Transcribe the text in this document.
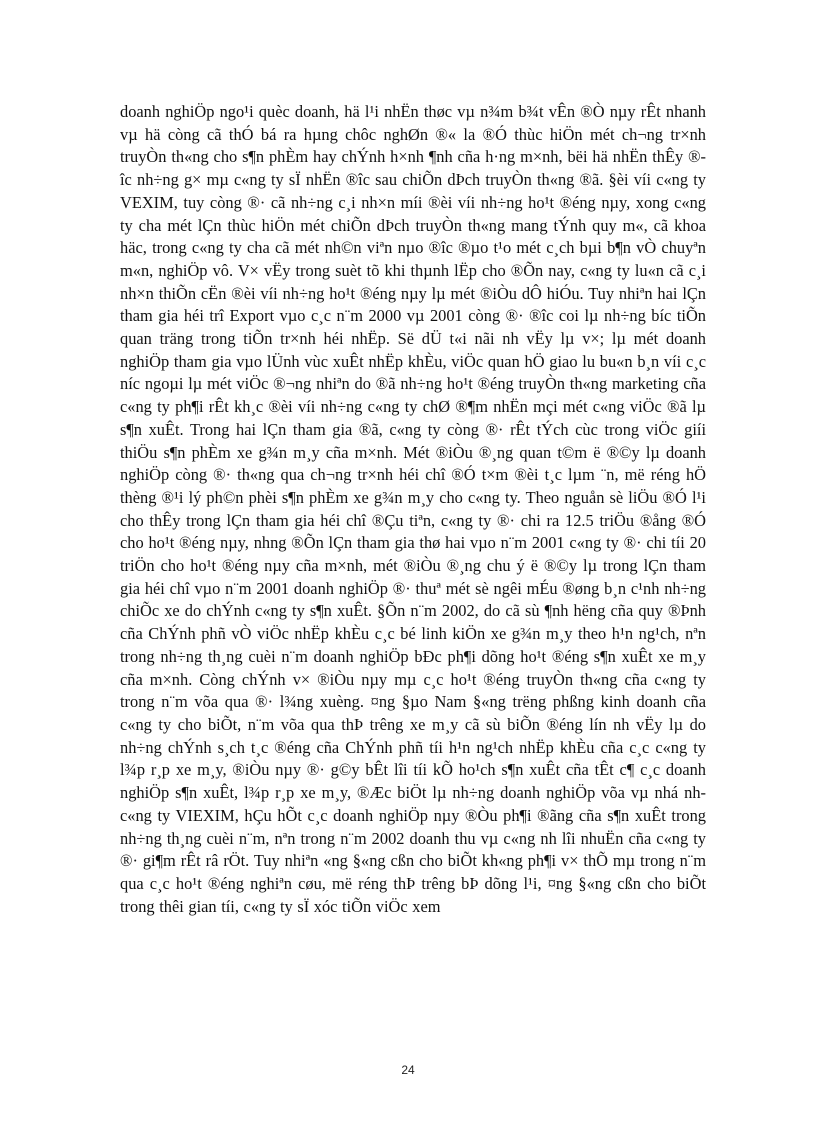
doanh nghiÖp ngo¹i quèc doanh, hä l¹i nhËn thøc vµ n¾m b¾t vÊn ®Ò nµy rÊt nhanh vµ hä còng cã thÓ bá ra hµng chôc nghØn ®« la ®Ó thùc hiÖn mét ch¬ng tr×nh truyÒn th«ng cho s¶n phÈm hay chÝnh h×nh ¶nh cña h·ng m×nh, bëi hä nhËn thÊy ®îc nh÷ng g× mµ c«ng ty sÏ nhËn ®îc sau chiÕn dÞch truyÒn th«ng ®ã. §èi víi c«ng ty VEXIM, tuy còng ®· cã nh÷ng c¸i nh×n míi ®èi víi nh÷ng ho¹t ®éng nµy, xong c«ng ty cha mét lÇn thùc hiÖn mét chiÕn dÞch truyÒn th«ng mang tÝnh quy m«, cã khoa häc, trong c«ng ty cha cã mét nh©n viªn nµo ®îc ®µo t¹o mét c¸ch bµi b¶n vÒ chuyªn m«n, nghiÖp vô. V× vËy trong suèt tõ khi thµnh lËp cho ®Õn nay, c«ng ty lu«n cã c¸i nh×n thiÕn cËn ®èi víi nh÷ng ho¹t ®éng nµy lµ mét ®iÒu dÔ hiÓu. Tuy nhiªn hai lÇn tham gia héi trî Export vµo c¸c n¨m 2000 vµ 2001 còng ®· ®îc coi lµ nh÷ng bíc tiÕn quan träng trong tiÕn tr×nh héi nhËp. Së dÜ t«i nãi nh vËy lµ v×; lµ mét doanh nghiÖp tham gia vµo lÜnh vùc xuÊt nhËp khÈu, viÖc quan hÖ giao lu bu«n b¸n víi c¸c níc ngoµi lµ mét viÖc ®¬ng nhiªn do ®ã nh÷ng ho¹t ®éng truyÒn th«ng marketing cña c«ng ty ph¶i rÊt kh¸c ®èi víi nh÷ng c«ng ty chØ ®¶m nhËn mçi mét c«ng viÖc ®ã lµ s¶n xuÊt. Trong hai lÇn tham gia ®ã, c«ng ty còng ®· rÊt tÝch cùc trong viÖc giíi thiÖu s¶n phÈm xe g¾n m¸y cña m×nh. Mét ®iÒu ®¸ng quan t©m ë ®©y lµ doanh nghiÖp còng ®· th«ng qua ch¬ng tr×nh héi chî ®Ó t×m ®èi t¸c lµm ¨n, më réng hÖ thèng ®¹i lý ph©n phèi s¶n phÈm xe g¾n m¸y cho c«ng ty. Theo nguån sè liÖu ®Ó l¹i cho thÊy trong lÇn tham gia héi chî ®Çu tiªn, c«ng ty ®· chi ra 12.5 triÖu ®ång ®Ó cho ho¹t ®éng nµy, nhng ®Õn lÇn tham gia thø hai vµo n¨m 2001 c«ng ty ®· chi tíi 20 triÖn cho ho¹t ®éng nµy cña m×nh, mét ®iÒu ®¸ng chu ý ë ®©y lµ trong lÇn tham gia héi chî vµo n¨m 2001 doanh nghiÖp ®· thuª mét sè ngêi mÉu ®øng b¸n c¹nh nh÷ng chiÕc xe do chÝnh c«ng ty s¶n xuÊt. §Õn n¨m 2002, do cã sù ¶nh hëng cña quy ®Þnh cña ChÝnh phñ vÒ viÖc nhËp khÈu c¸c bé linh kiÖn xe g¾n m¸y theo h¹n ng¹ch, nªn trong nh÷ng th¸ng cuèi n¨m doanh nghiÖp bÐc ph¶i dõng ho¹t ®éng s¶n xuÊt xe m¸y cña m×nh. Còng chÝnh v× ®iÒu nµy mµ c¸c ho¹t ®éng truyÒn th«ng cña c«ng ty trong n¨m võa qua ®· l¾ng xuèng. ¤ng §µo Nam §«ng trëng phßng kinh doanh cña c«ng ty cho biÕt, n¨m võa qua thÞ trêng xe m¸y cã sù biÕn ®éng lín nh vËy lµ do nh÷ng chÝnh s¸ch t¸c ®éng cña ChÝnh phñ tíi h¹n ng¹ch nhËp khÈu cña c¸c c«ng ty l¾p r¸p xe m¸y, ®iÒu nµy ®· g©y bÊt lîi tíi kÕ ho¹ch s¶n xuÊt cña tÊt c¶ c¸c doanh nghiÖp s¶n xuÊt, l¾p r¸p xe m¸y, ®Æc biÖt lµ nh÷ng doanh nghiÖp võa vµ nhá nh c«ng ty VIEXIM, hÇu hÕt c¸c doanh nghiÖp nµy ®Òu ph¶i ®ãng cña s¶n xuÊt trong nh÷ng th¸ng cuèi n¨m, nªn trong n¨m 2002 doanh thu vµ c«ng nh lîi nhuËn cña c«ng ty ®· gi¶m rÊt râ rÖt. Tuy nhiªn «ng §«ng cßn cho biÕt kh«ng ph¶i v× thÕ mµ trong n¨m qua c¸c ho¹t ®éng nghiªn cøu, më réng thÞ trêng bÞ dõng l¹i, ¤ng §«ng cßn cho biÕt trong thêi gian tíi, c«ng ty sÏ xóc tiÕn viÖc xem

24
